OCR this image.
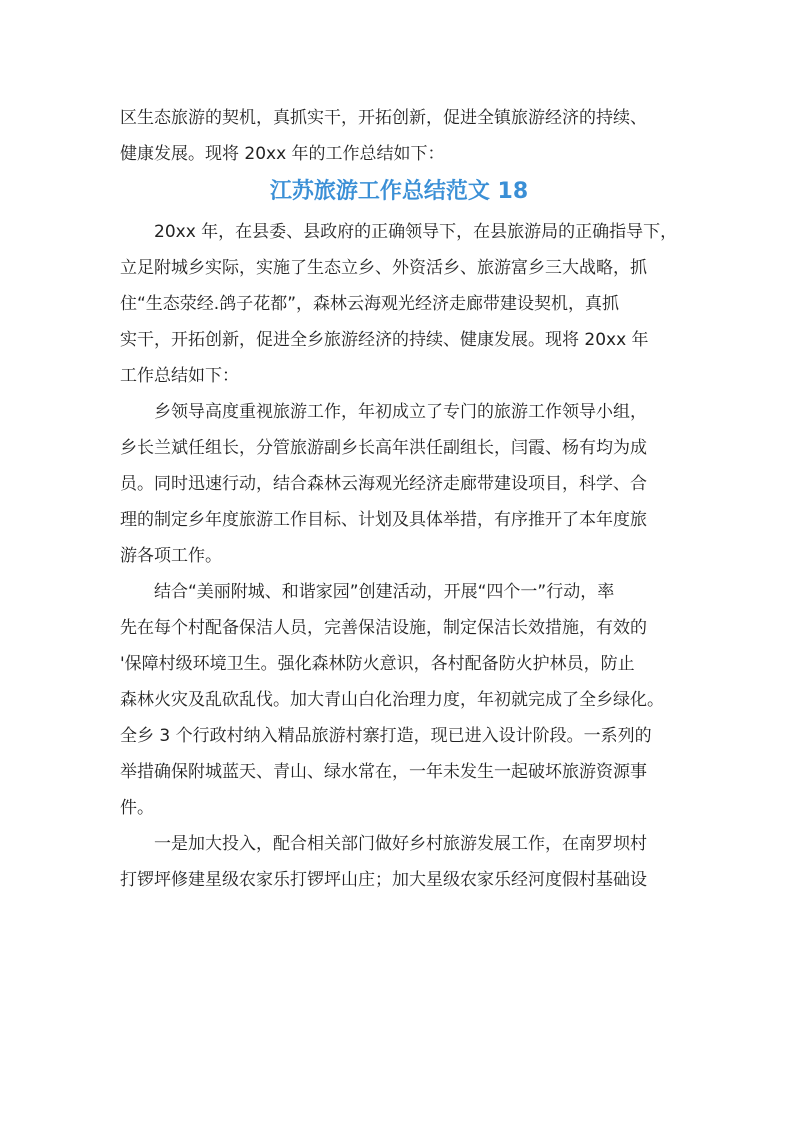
区生态旅游的契机，真抓实干，开拓创新，促进全镇旅游经济的持续、
健康发展。现将 20xx 年的工作总结如下：
江苏旅游工作总结范文 18
20xx 年，在县委、县政府的正确领导下，在县旅游局的正确指导下，
立足附城乡实际，实施了生态立乡、外资活乡、旅游富乡三大战略，抓
住“生态荥经.鸽子花都”，森林云海观光经济走廊带建设契机，真抓
实干，开拓创新，促进全乡旅游经济的持续、健康发展。现将 20xx 年
工作总结如下：
乡领导高度重视旅游工作，年初成立了专门的旅游工作领导小组，
乡长兰斌任组长，分管旅游副乡长高年洪任副组长，闫霞、杨有均为成
员。同时迅速行动，结合森林云海观光经济走廊带建设项目，科学、合
理的制定乡年度旅游工作目标、计划及具体举措，有序推开了本年度旅
游各项工作。
结合“美丽附城、和谐家园”创建活动，开展“四个一”行动，率
先在每个村配备保洁人员，完善保洁设施，制定保洁长效措施，有效的
'保障村级环境卫生。强化森林防火意识，各村配备防火护林员，防止
森林火灾及乱砍乱伐。加大青山白化治理力度，年初就完成了全乡绿化。
全乡 3 个行政村纳入精品旅游村寨打造，现已进入设计阶段。一系列的
举措确保附城蓝天、青山、绿水常在，一年未发生一起破坏旅游资源事
件。
一是加大投入，配合相关部门做好乡村旅游发展工作，在南罗坝村
打锣坪修建星级农家乐打锣坪山庄；加大星级农家乐经河度假村基础设
